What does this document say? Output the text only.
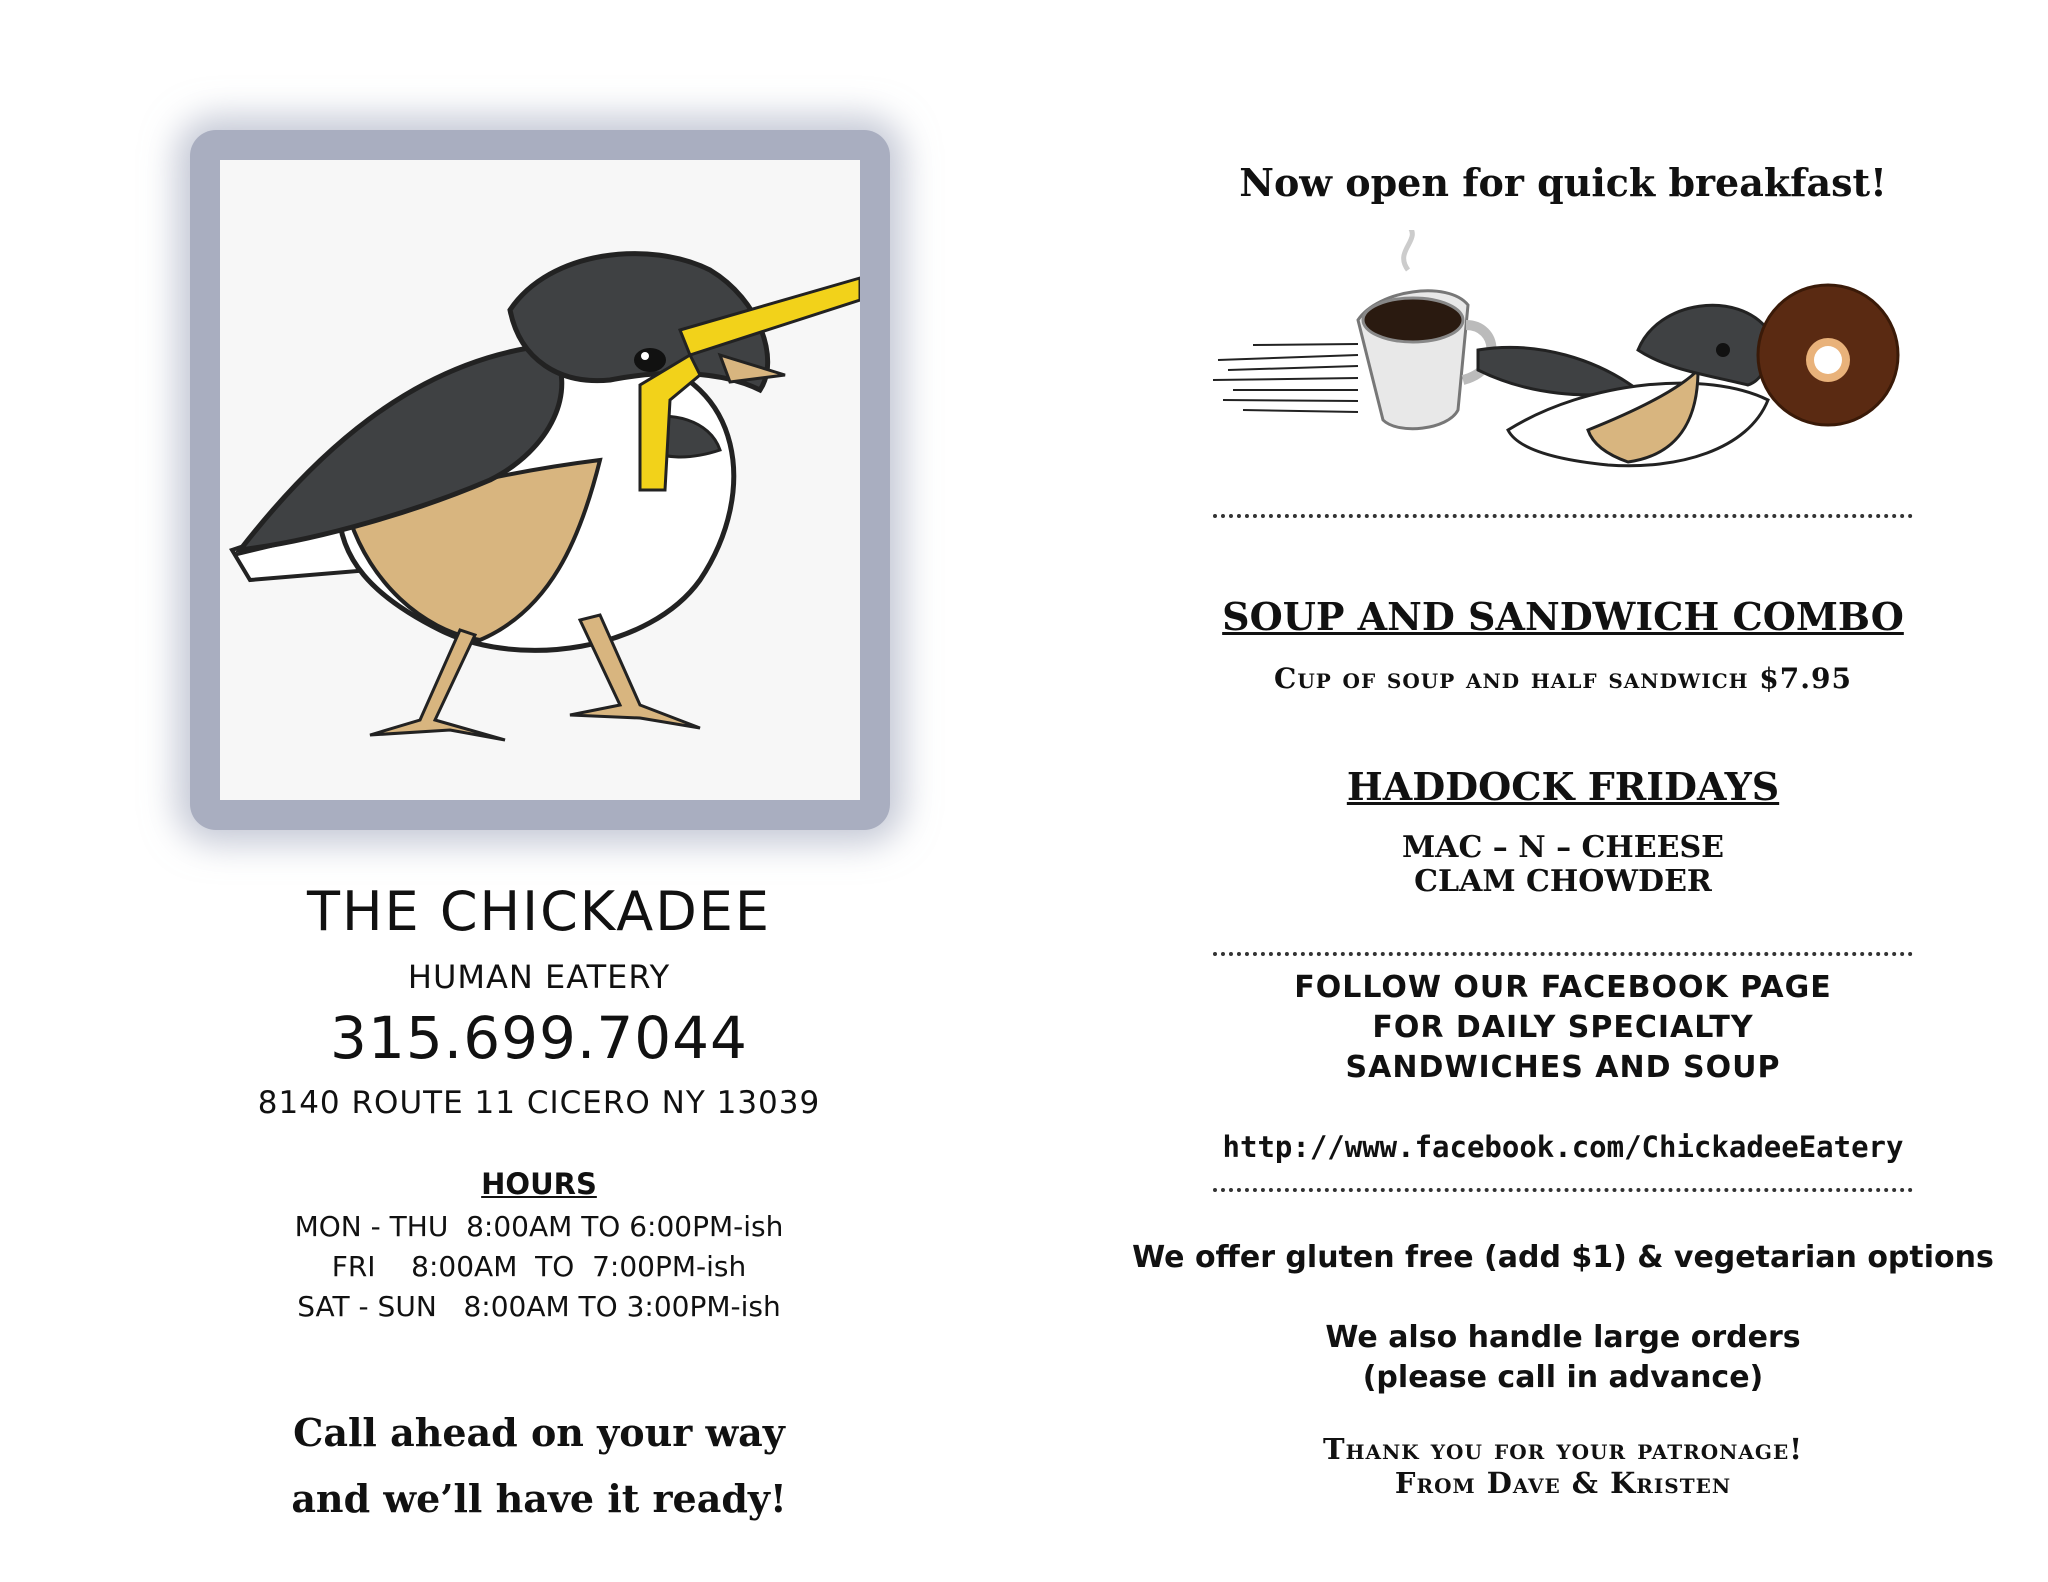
THE CHICKADEE
HUMAN EATERY
315.699.7044
8140 ROUTE 11 CICERO NY 13039
HOURS
MON - THU  8:00AM TO 6:00PM-ish
FRI    8:00AM  TO  7:00PM-ish
SAT - SUN   8:00AM TO 3:00PM-ish
Call ahead on your way
and we’ll have it ready!
Now open for quick breakfast!
SOUP AND SANDWICH COMBO
Cup of soup and half sandwich $7.95
HADDOCK FRIDAYS
MAC – N – CHEESE
CLAM CHOWDER
FOLLOW OUR FACEBOOK PAGE
FOR DAILY SPECIALTY
SANDWICHES AND SOUP
http://www.facebook.com/ChickadeeEatery
We offer gluten free (add $1) & vegetarian options
We also handle large orders
(please call in advance)
Thank you for your patronage!
From Dave & Kristen
